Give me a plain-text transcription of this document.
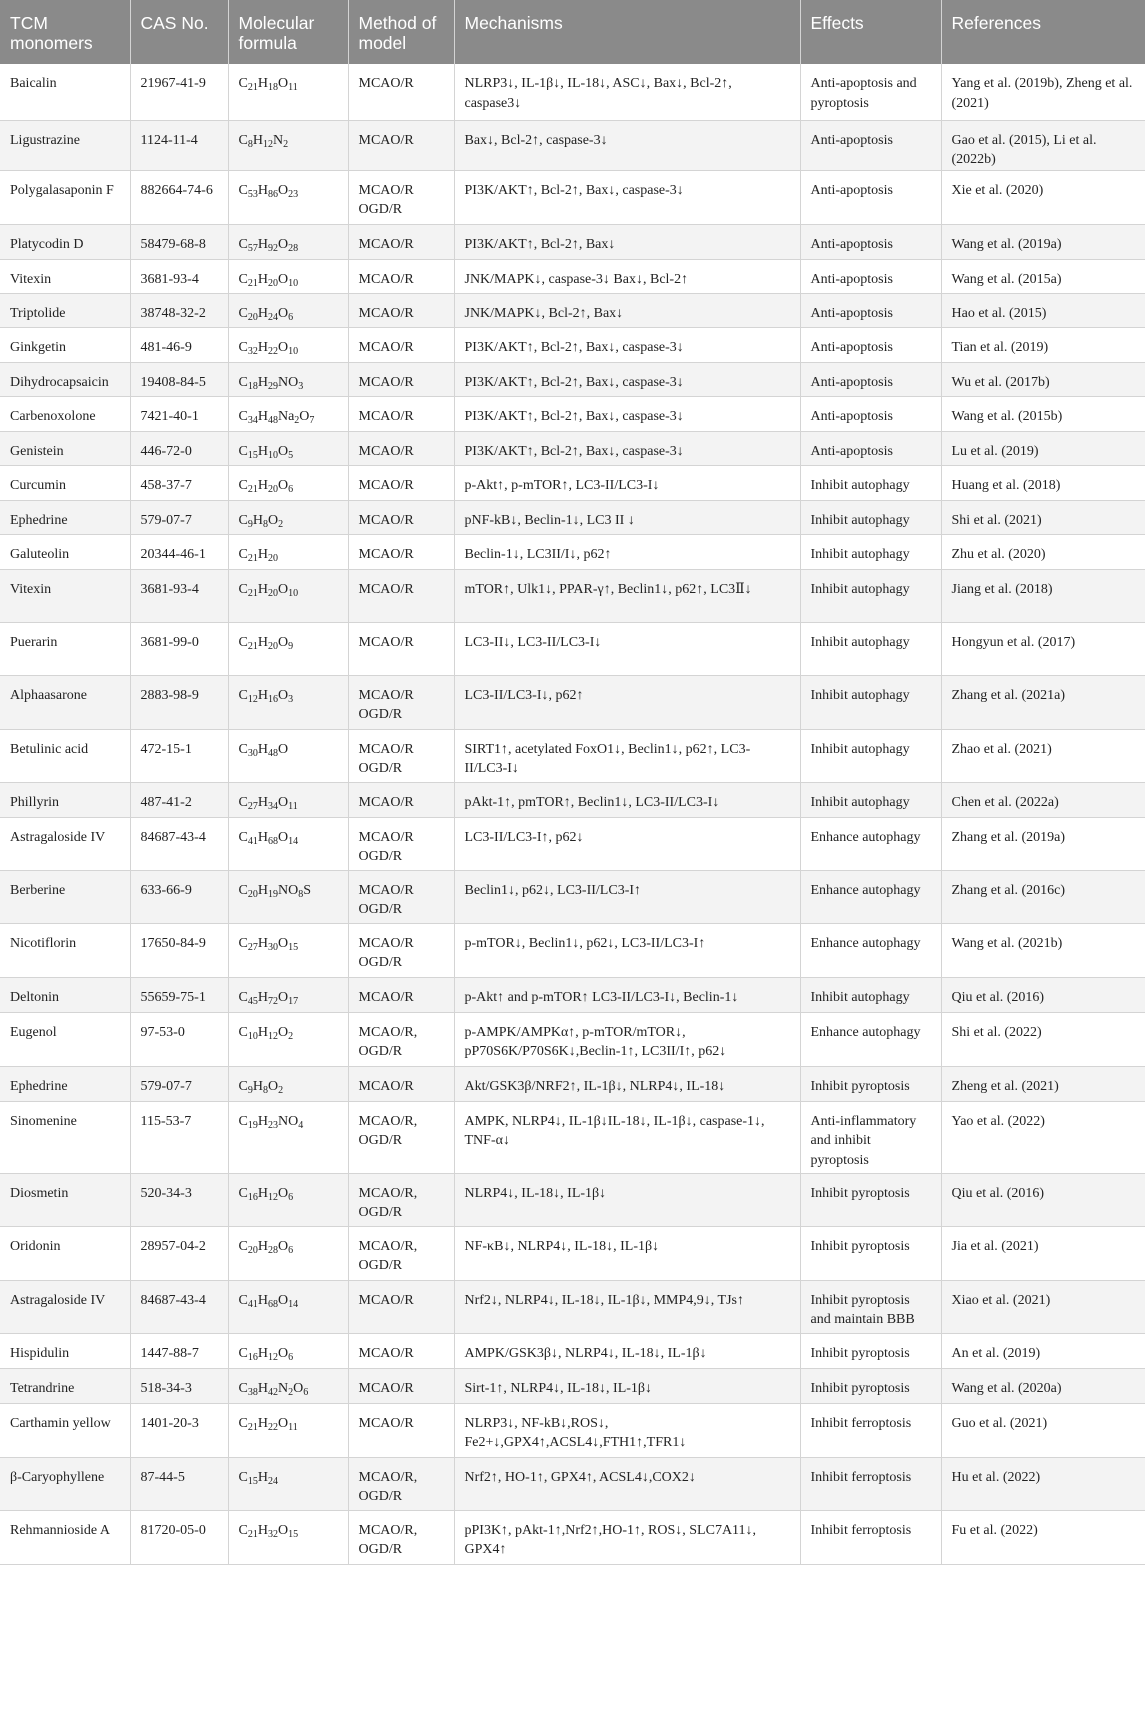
TCM monomers	CAS No.	Molecular formula	Method of model	Mechanisms	Effects	References
Baicalin	21967-41-9	$C_{21}H_{18}O_{11}$	MCAO/R	NLRP3↓, IL-1β↓, IL-18↓, ASC↓, Bax↓, Bcl-2↑, caspase3↓	Anti-apoptosis and pyroptosis	Yang et al. (2019b), Zheng et al. (2021)
Ligustrazine	1124-11-4	$C_8H_{12}N_2$	MCAO/R	Bax↓, Bcl-2↑, caspase-3↓	Anti-apoptosis	Gao et al. (2015), Li et al. (2022b)
Polygalasaponin F	882664-74-6	$C_{53}H_{86}O_{23}$	MCAO/R OGD/R	PI3K/AKT↑, Bcl-2↑, Bax↓, caspase-3↓	Anti-apoptosis	Xie et al. (2020)
Platycodin D	58479-68-8	$C_{57}H_{92}O_{28}$	MCAO/R	PI3K/AKT↑, Bcl-2↑, Bax↓	Anti-apoptosis	Wang et al. (2019a)
Vitexin	3681-93-4	$C_{21}H_{20}O_{10}$	MCAO/R	JNK/MAPK↓, caspase-3↓ Bax↓, Bcl-2↑	Anti-apoptosis	Wang et al. (2015a)
Triptolide	38748-32-2	$C_{20}H_{24}O_6$	MCAO/R	JNK/MAPK↓, Bcl-2↑, Bax↓	Anti-apoptosis	Hao et al. (2015)
Ginkgetin	481-46-9	$C_{32}H_{22}O_{10}$	MCAO/R	PI3K/AKT↑, Bcl-2↑, Bax↓, caspase-3↓	Anti-apoptosis	Tian et al. (2019)
Dihydrocapsaicin	19408-84-5	$C_{18}H_{29}NO_3$	MCAO/R	PI3K/AKT↑, Bcl-2↑, Bax↓, caspase-3↓	Anti-apoptosis	Wu et al. (2017b)
Carbenoxolone	7421-40-1	$C_{34}H_{48}Na_2O_7$	MCAO/R	PI3K/AKT↑, Bcl-2↑, Bax↓, caspase-3↓	Anti-apoptosis	Wang et al. (2015b)
Genistein	446-72-0	$C_{15}H_{10}O_5$	MCAO/R	PI3K/AKT↑, Bcl-2↑, Bax↓, caspase-3↓	Anti-apoptosis	Lu et al. (2019)
Curcumin	458-37-7	$C_{21}H_{20}O_6$	MCAO/R	p-Akt↑, p-mTOR↑, LC3-II/LC3-I↓	Inhibit autophagy	Huang et al. (2018)
Ephedrine	579-07-7	$C_9H_8O_2$	MCAO/R	pNF-kB↓, Beclin-1↓, LC3 II ↓	Inhibit autophagy	Shi et al. (2021)
Galuteolin	20344-46-1	$C_{21}H_{20}$	MCAO/R	Beclin-1↓, LC3II/I↓, p62↑	Inhibit autophagy	Zhu et al. (2020)
Vitexin	3681-93-4	$C_{21}H_{20}O_{10}$	MCAO/R	mTOR↑, Ulk1↓, PPAR-γ↑, Beclin1↓, p62↑, LC3Ⅱ↓	Inhibit autophagy	Jiang et al. (2018)
Puerarin	3681-99-0	$C_{21}H_{20}O_9$	MCAO/R	LC3-II↓, LC3-II/LC3-I↓	Inhibit autophagy	Hongyun et al. (2017)
Alphaasarone	2883-98-9	$C_{12}H_{16}O_3$	MCAO/R OGD/R	LC3-II/LC3-I↓, p62↑	Inhibit autophagy	Zhang et al. (2021a)
Betulinic acid	472-15-1	$C_{30}H_{48}O$	MCAO/R OGD/R	SIRT1↑, acetylated FoxO1↓, Beclin1↓, p62↑, LC3-II/LC3-I↓	Inhibit autophagy	Zhao et al. (2021)
Phillyrin	487-41-2	$C_{27}H_{34}O_{11}$	MCAO/R	pAkt-1↑, pmTOR↑, Beclin1↓, LC3-II/LC3-I↓	Inhibit autophagy	Chen et al. (2022a)
Astragaloside IV	84687-43-4	$C_{41}H_{68}O_{14}$	MCAO/R OGD/R	LC3-II/LC3-I↑, p62↓	Enhance autophagy	Zhang et al. (2019a)
Berberine	633-66-9	$C_{20}H_{19}NO_8S$	MCAO/R OGD/R	Beclin1↓, p62↓, LC3-II/LC3-I↑	Enhance autophagy	Zhang et al. (2016c)
Nicotiflorin	17650-84-9	$C_{27}H_{30}O_{15}$	MCAO/R OGD/R	p-mTOR↓, Beclin1↓, p62↓, LC3-II/LC3-I↑	Enhance autophagy	Wang et al. (2021b)
Deltonin	55659-75-1	$C_{45}H_{72}O_{17}$	MCAO/R	p-Akt↑ and p-mTOR↑ LC3-II/LC3-I↓, Beclin-1↓	Inhibit autophagy	Qiu et al. (2016)
Eugenol	97-53-0	$C_{10}H_{12}O_2$	MCAO/R, OGD/R	p-AMPK/AMPKα↑, p-mTOR/mTOR↓, pP70S6K/P70S6K↓,Beclin-1↑, LC3II/I↑, p62↓	Enhance autophagy	Shi et al. (2022)
Ephedrine	579-07-7	$C_9H_8O_2$	MCAO/R	Akt/GSK3β/NRF2↑, IL-1β↓, NLRP4↓, IL-18↓	Inhibit pyroptosis	Zheng et al. (2021)
Sinomenine	115-53-7	$C_{19}H_{23}NO_4$	MCAO/R, OGD/R	AMPK, NLRP4↓, IL-1β↓IL-18↓, IL-1β↓, caspase-1↓, TNF-α↓	Anti-inflammatory and inhibit pyroptosis	Yao et al. (2022)
Diosmetin	520-34-3	$C_{16}H_{12}O_6$	MCAO/R, OGD/R	NLRP4↓, IL-18↓, IL-1β↓	Inhibit pyroptosis	Qiu et al. (2016)
Oridonin	28957-04-2	$C_{20}H_{28}O_6$	MCAO/R, OGD/R	NF-κB↓, NLRP4↓, IL-18↓, IL-1β↓	Inhibit pyroptosis	Jia et al. (2021)
Astragaloside IV	84687-43-4	$C_{41}H_{68}O_{14}$	MCAO/R	Nrf2↓, NLRP4↓, IL-18↓, IL-1β↓, MMP4,9↓, TJs↑	Inhibit pyroptosis and maintain BBB	Xiao et al. (2021)
Hispidulin	1447-88-7	$C_{16}H_{12}O_6$	MCAO/R	AMPK/GSK3β↓, NLRP4↓, IL-18↓, IL-1β↓	Inhibit pyroptosis	An et al. (2019)
Tetrandrine	518-34-3	$C_{38}H_{42}N_2O_6$	MCAO/R	Sirt-1↑, NLRP4↓, IL-18↓, IL-1β↓	Inhibit pyroptosis	Wang et al. (2020a)
Carthamin yellow	1401-20-3	$C_{21}H_{22}O_{11}$	MCAO/R	NLRP3↓, NF-kB↓,ROS↓, Fe2+↓,GPX4↑,ACSL4↓,FTH1↑,TFR1↓	Inhibit ferroptosis	Guo et al. (2021)
β-Caryophyllene	87-44-5	$C_{15}H_{24}$	MCAO/R, OGD/R	Nrf2↑, HO-1↑, GPX4↑, ACSL4↓,COX2↓	Inhibit ferroptosis	Hu et al. (2022)
Rehmannioside A	81720-05-0	$C_{21}H_{32}O_{15}$	MCAO/R, OGD/R	pPI3K↑, pAkt-1↑,Nrf2↑,HO-1↑, ROS↓, SLC7A11↓, GPX4↑	Inhibit ferroptosis	Fu et al. (2022)
